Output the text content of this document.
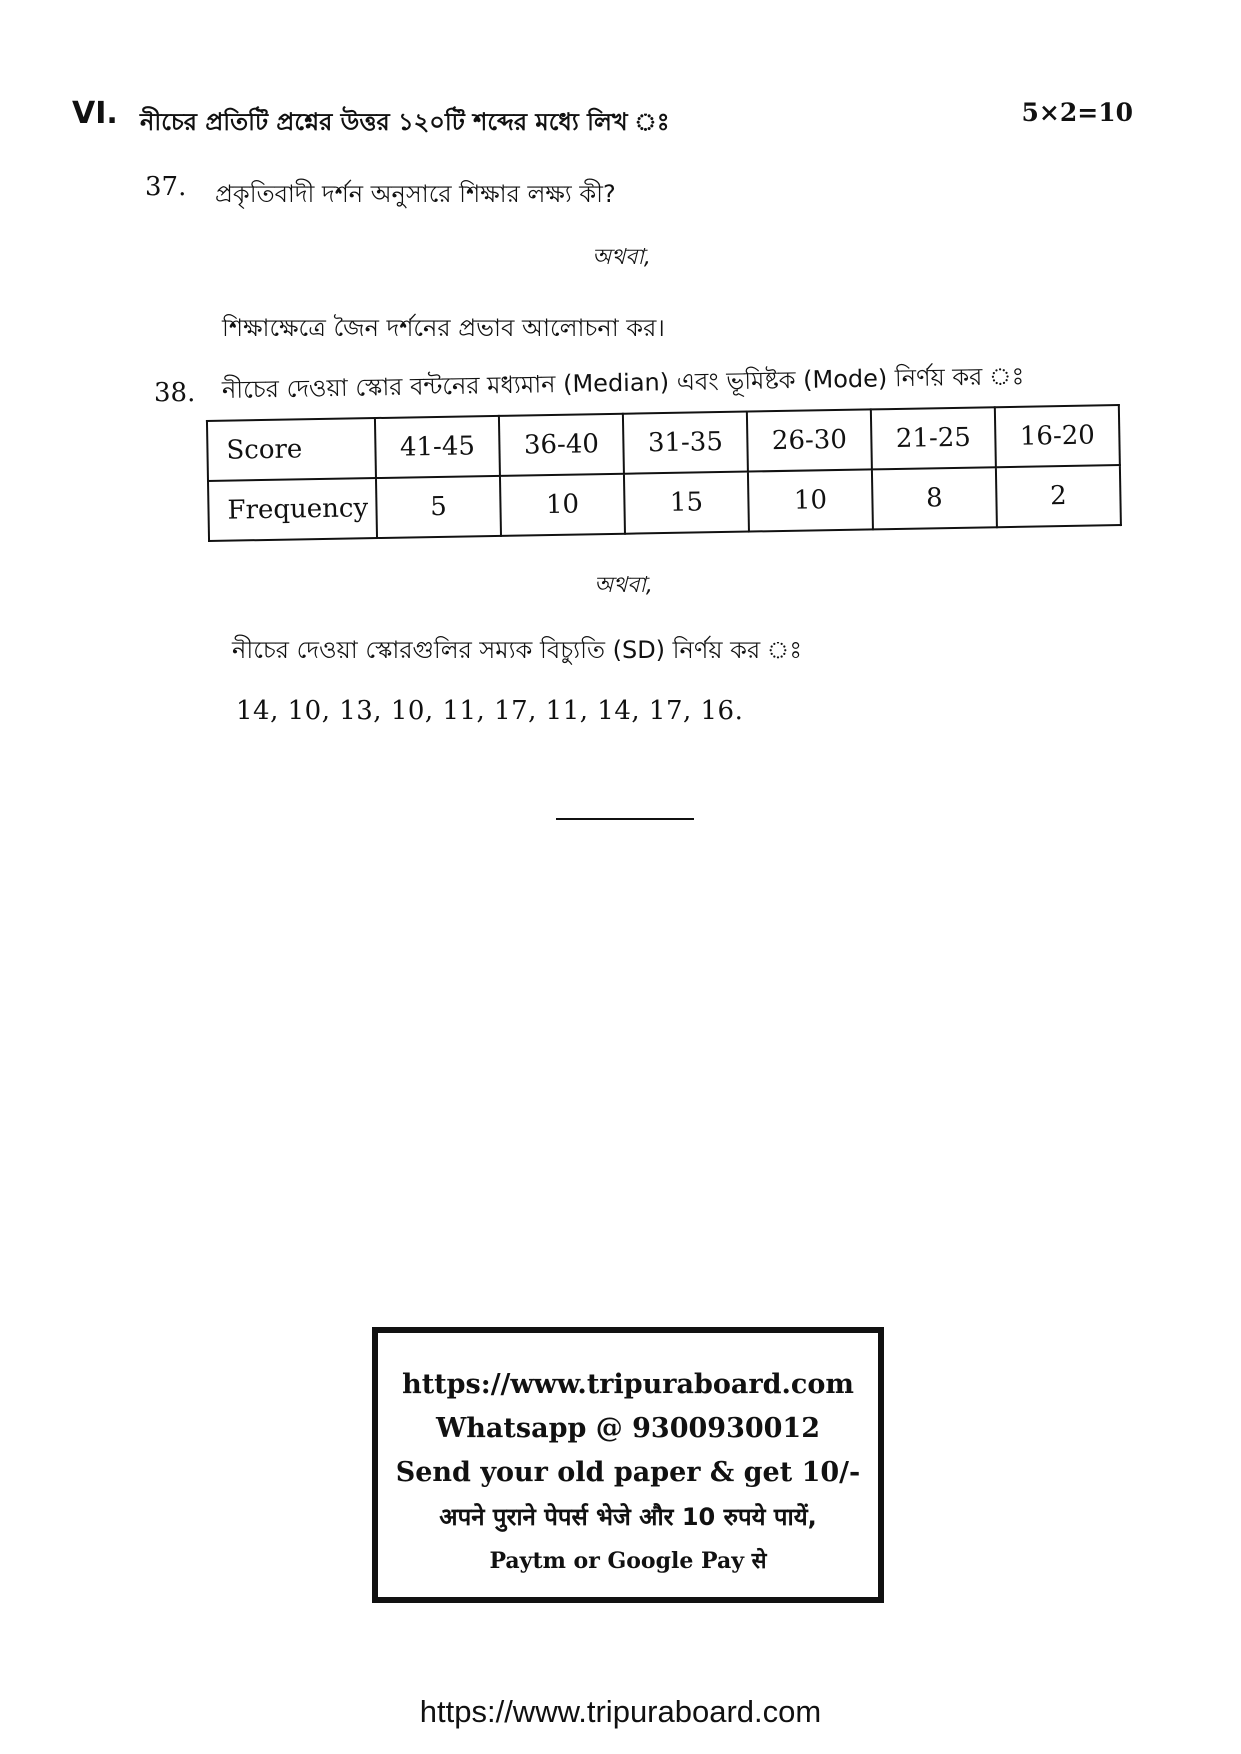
VI. নীচের প্রতিটি প্রশ্নের উত্তর ১২০টি শব্দের মধ্যে লিখ ঃ	5×2=10
37. প্রকৃতিবাদী দর্শন অনুসারে শিক্ষার লক্ষ্য কী?
অথবা,
শিক্ষাক্ষেত্রে জৈন দর্শনের প্রভাব আলোচনা কর।
38. নীচের দেওয়া স্কোর বন্টনের মধ্যমান (Median) এবং ভূমিষ্টক (Mode) নির্ণয় কর ঃ
Score	41-45	36-40	31-35	26-30	21-25	16-20
Frequency	5	10	15	10	8	2
অথবা,
নীচের দেওয়া স্কোরগুলির সম্যক বিচ্যুতি (SD) নির্ণয় কর ঃ
14, 10, 13, 10, 11, 17, 11, 14, 17, 16.
https://www.tripuraboard.com
Whatsapp @ 9300930012
Send your old paper & get 10/-
अपने पुराने पेपर्स भेजे और 10 रुपये पायें,
Paytm or Google Pay से
https://www.tripuraboard.com
